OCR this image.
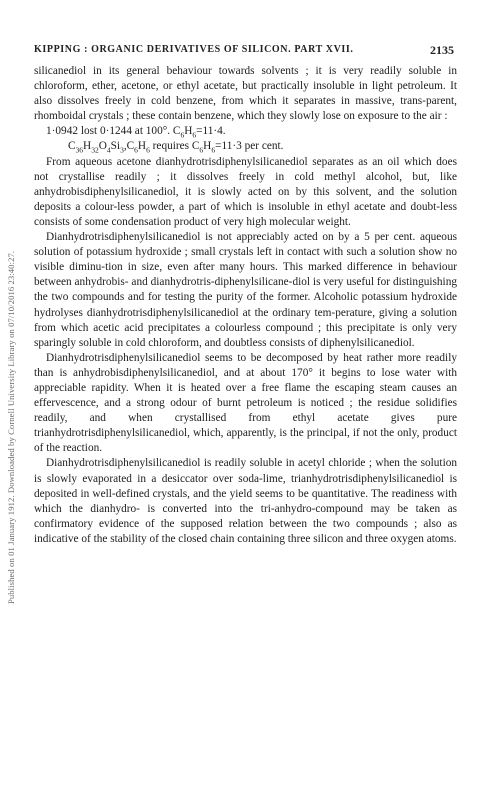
Published on 01 January 1912. Downloaded by Cornell University Library on 07/10/2016 23:40:27.
KIPPING : ORGANIC DERIVATIVES OF SILICON. PART XVII.	2135

silicanediol in its general behaviour towards solvents ; it is very readily soluble in chloroform, ether, acetone, or ethyl acetate, but practically insoluble in light petroleum. It also dissolves freely in cold benzene, from which it separates in massive, trans-parent, rhomboidal crystals ; these contain benzene, which they slowly lose on exposure to the air :

1·0942 lost 0·1244 at 100°. $C_6H_6=11\cdot 4$.

$C_{36}H_{32}O_4Si_3,C_6H_6$ requires $C_6H_6=11\cdot 3$ per cent.

From aqueous acetone dianhydrotrisdiphenylsilicanediol separates as an oil which does not crystallise readily ; it dissolves freely in cold methyl alcohol, but, like anhydrobisdiphenylsilicanediol, it is slowly acted on by this solvent, and the solution deposits a colour-less powder, a part of which is insoluble in ethyl acetate and doubt-less consists of some condensation product of very high molecular weight.

Dianhydrotrisdiphenylsilicanediol is not appreciably acted on by a 5 per cent. aqueous solution of potassium hydroxide ; small crystals left in contact with such a solution show no visible diminu-tion in size, even after many hours. This marked difference in behaviour between anhydrobis- and dianhydrotris-diphenylsilicane-diol is very useful for distinguishing the two compounds and for testing the purity of the former. Alcoholic potassium hydroxide hydrolyses dianhydrotrisdiphenylsilicanediol at the ordinary tem-perature, giving a solution from which acetic acid precipitates a colourless compound ; this precipitate is only very sparingly soluble in cold chloroform, and doubtless consists of diphenylsilicanediol.

Dianhydrotrisdiphenylsilicanediol seems to be decomposed by heat rather more readily than is anhydrobisdiphenylsilicanediol, and at about 170° it begins to lose water with appreciable rapidity. When it is heated over a free flame the escaping steam causes an effervescence, and a strong odour of burnt petroleum is noticed ; the residue solidifies readily, and when crystallised from ethyl acetate gives pure trianhydrotrisdiphenylsilicanediol, which, apparently, is the principal, if not the only, product of the reaction.

Dianhydrotrisdiphenylsilicanediol is readily soluble in acetyl chloride ; when the solution is slowly evaporated in a desiccator over soda-lime, trianhydrotrisdiphenylsilicanediol is deposited in well-defined crystals, and the yield seems to be quantitative. The readiness with which the dianhydro- is converted into the tri-anhydro-compound may be taken as confirmatory evidence of the supposed relation between the two compounds ; also as indicative of the stability of the closed chain containing three silicon and three oxygen atoms.
